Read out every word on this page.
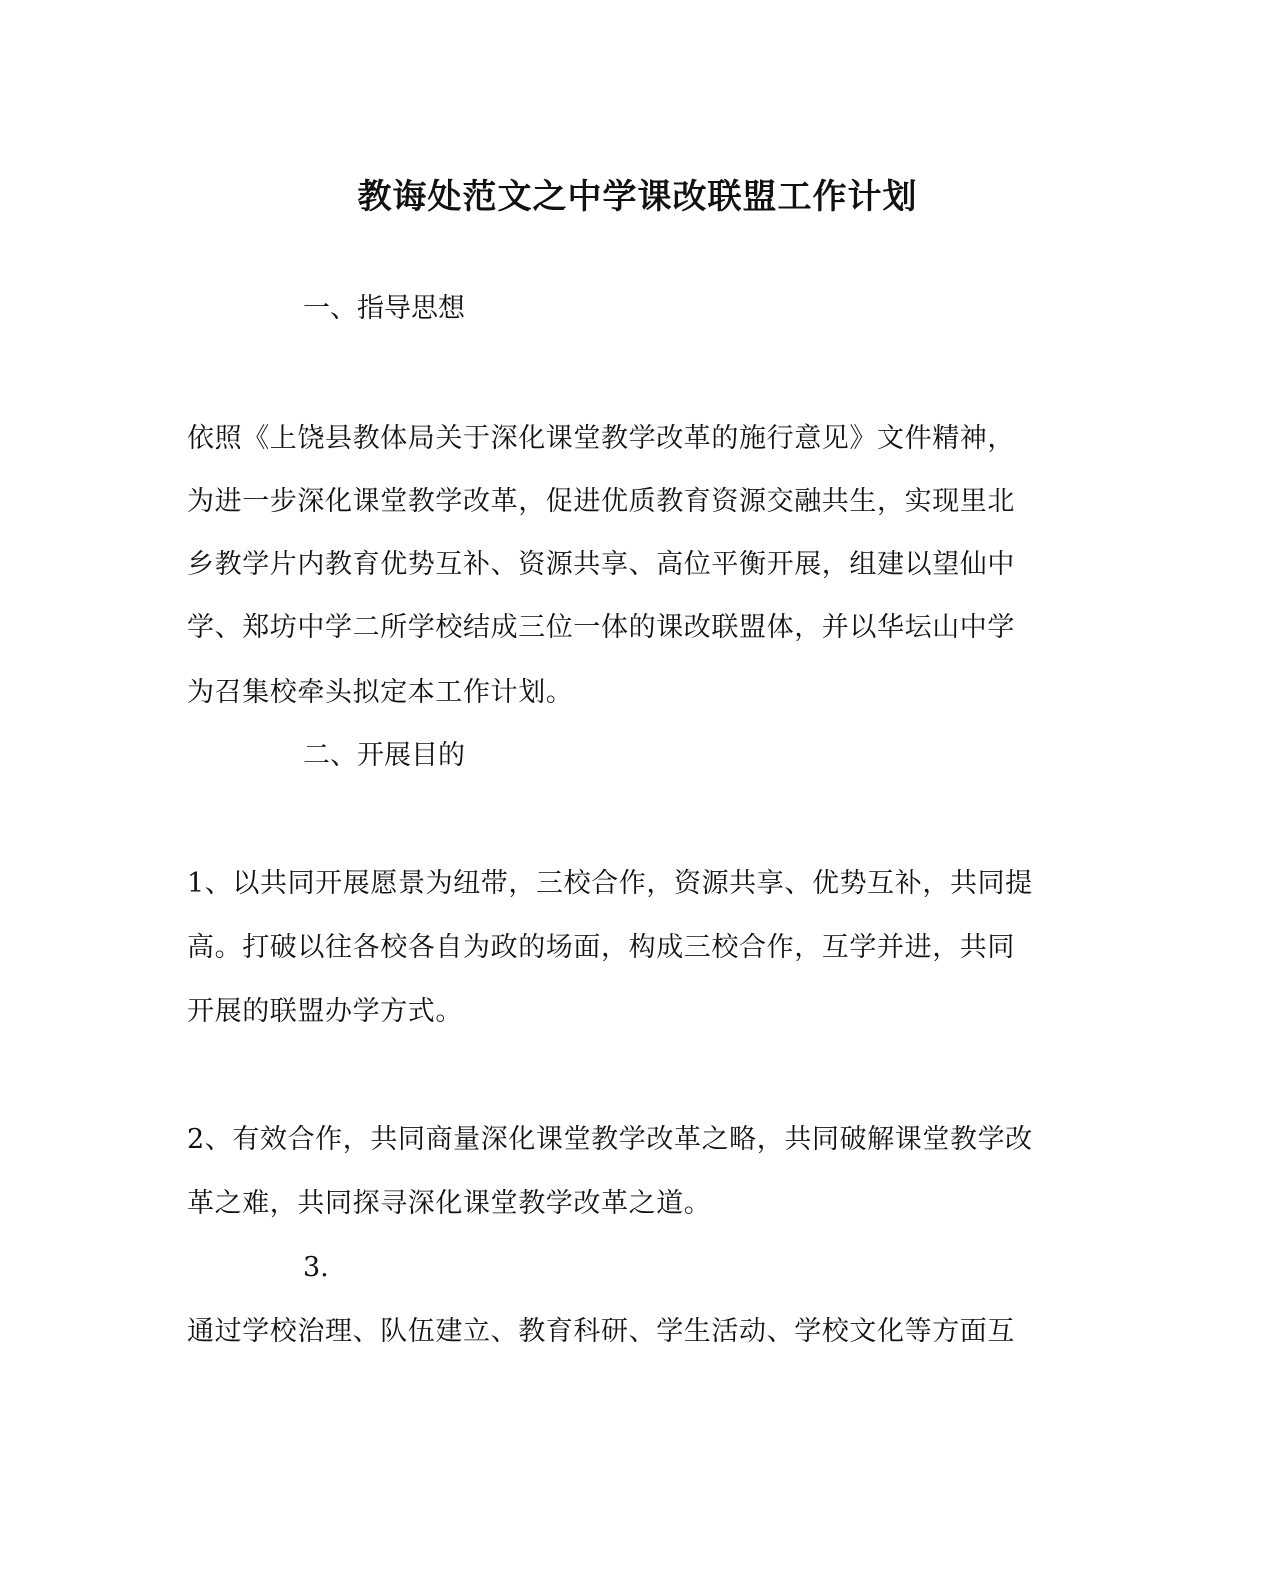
教诲处范文之中学课改联盟工作计划
一、指导思想
依照《上饶县教体局关于深化课堂教学改革的施行意见》文件精神，
为进一步深化课堂教学改革，促进优质教育资源交融共生，实现里北
乡教学片内教育优势互补、资源共享、高位平衡开展，组建以望仙中
学、郑坊中学二所学校结成三位一体的课改联盟体，并以华坛山中学
为召集校牵头拟定本工作计划。
二、开展目的
1、以共同开展愿景为纽带，三校合作，资源共享、优势互补，共同提
高。打破以往各校各自为政的场面，构成三校合作，互学并进，共同
开展的联盟办学方式。
2、有效合作，共同商量深化课堂教学改革之略，共同破解课堂教学改
革之难，共同探寻深化课堂教学改革之道。
3.
通过学校治理、队伍建立、教育科研、学生活动、学校文化等方面互
